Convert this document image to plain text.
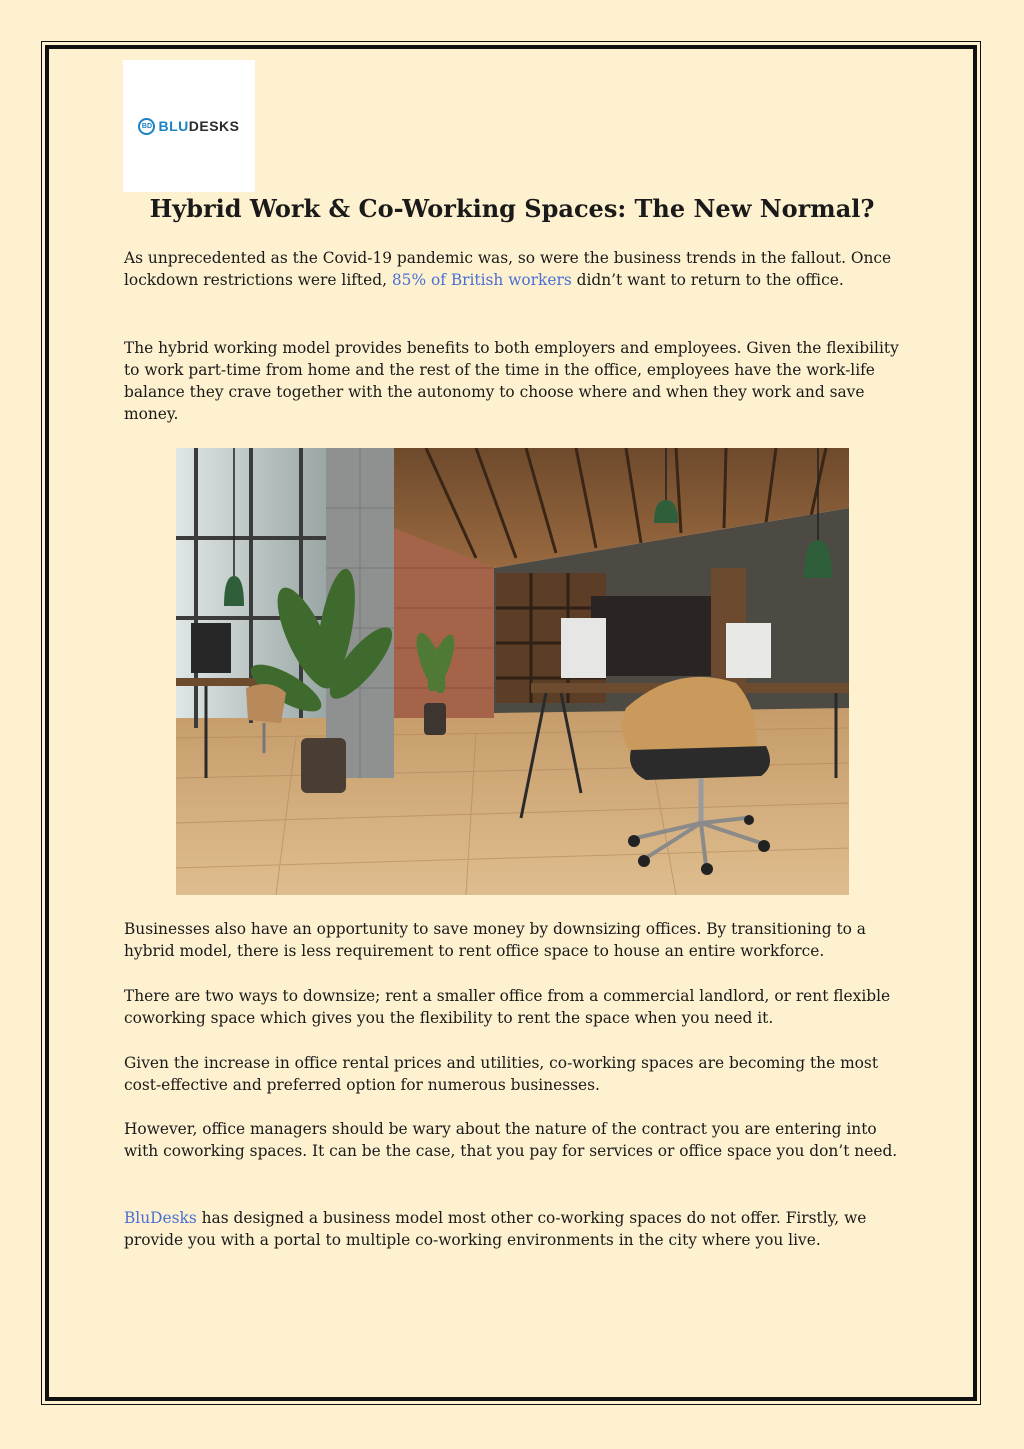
BD BLUDESKS
Hybrid Work & Co-Working Spaces: The New Normal?

As unprecedented as the Covid-19 pandemic was, so were the business trends in the fallout. Once lockdown restrictions were lifted, 85% of British workers didn’t want to return to the office.

The hybrid working model provides benefits to both employers and employees. Given the flexibility to work part-time from home and the rest of the time in the office, employees have the work-life balance they crave together with the autonomy to choose where and when they work and save money.

Businesses also have an opportunity to save money by downsizing offices. By transitioning to a hybrid model, there is less requirement to rent office space to house an entire workforce.

There are two ways to downsize; rent a smaller office from a commercial landlord, or rent flexible coworking space which gives you the flexibility to rent the space when you need it.

Given the increase in office rental prices and utilities, co-working spaces are becoming the most cost-effective and preferred option for numerous businesses.

However, office managers should be wary about the nature of the contract you are entering into with coworking spaces. It can be the case, that you pay for services or office space you don’t need.

BluDesks has designed a business model most other co-working spaces do not offer. Firstly, we provide you with a portal to multiple co-working environments in the city where you live.
